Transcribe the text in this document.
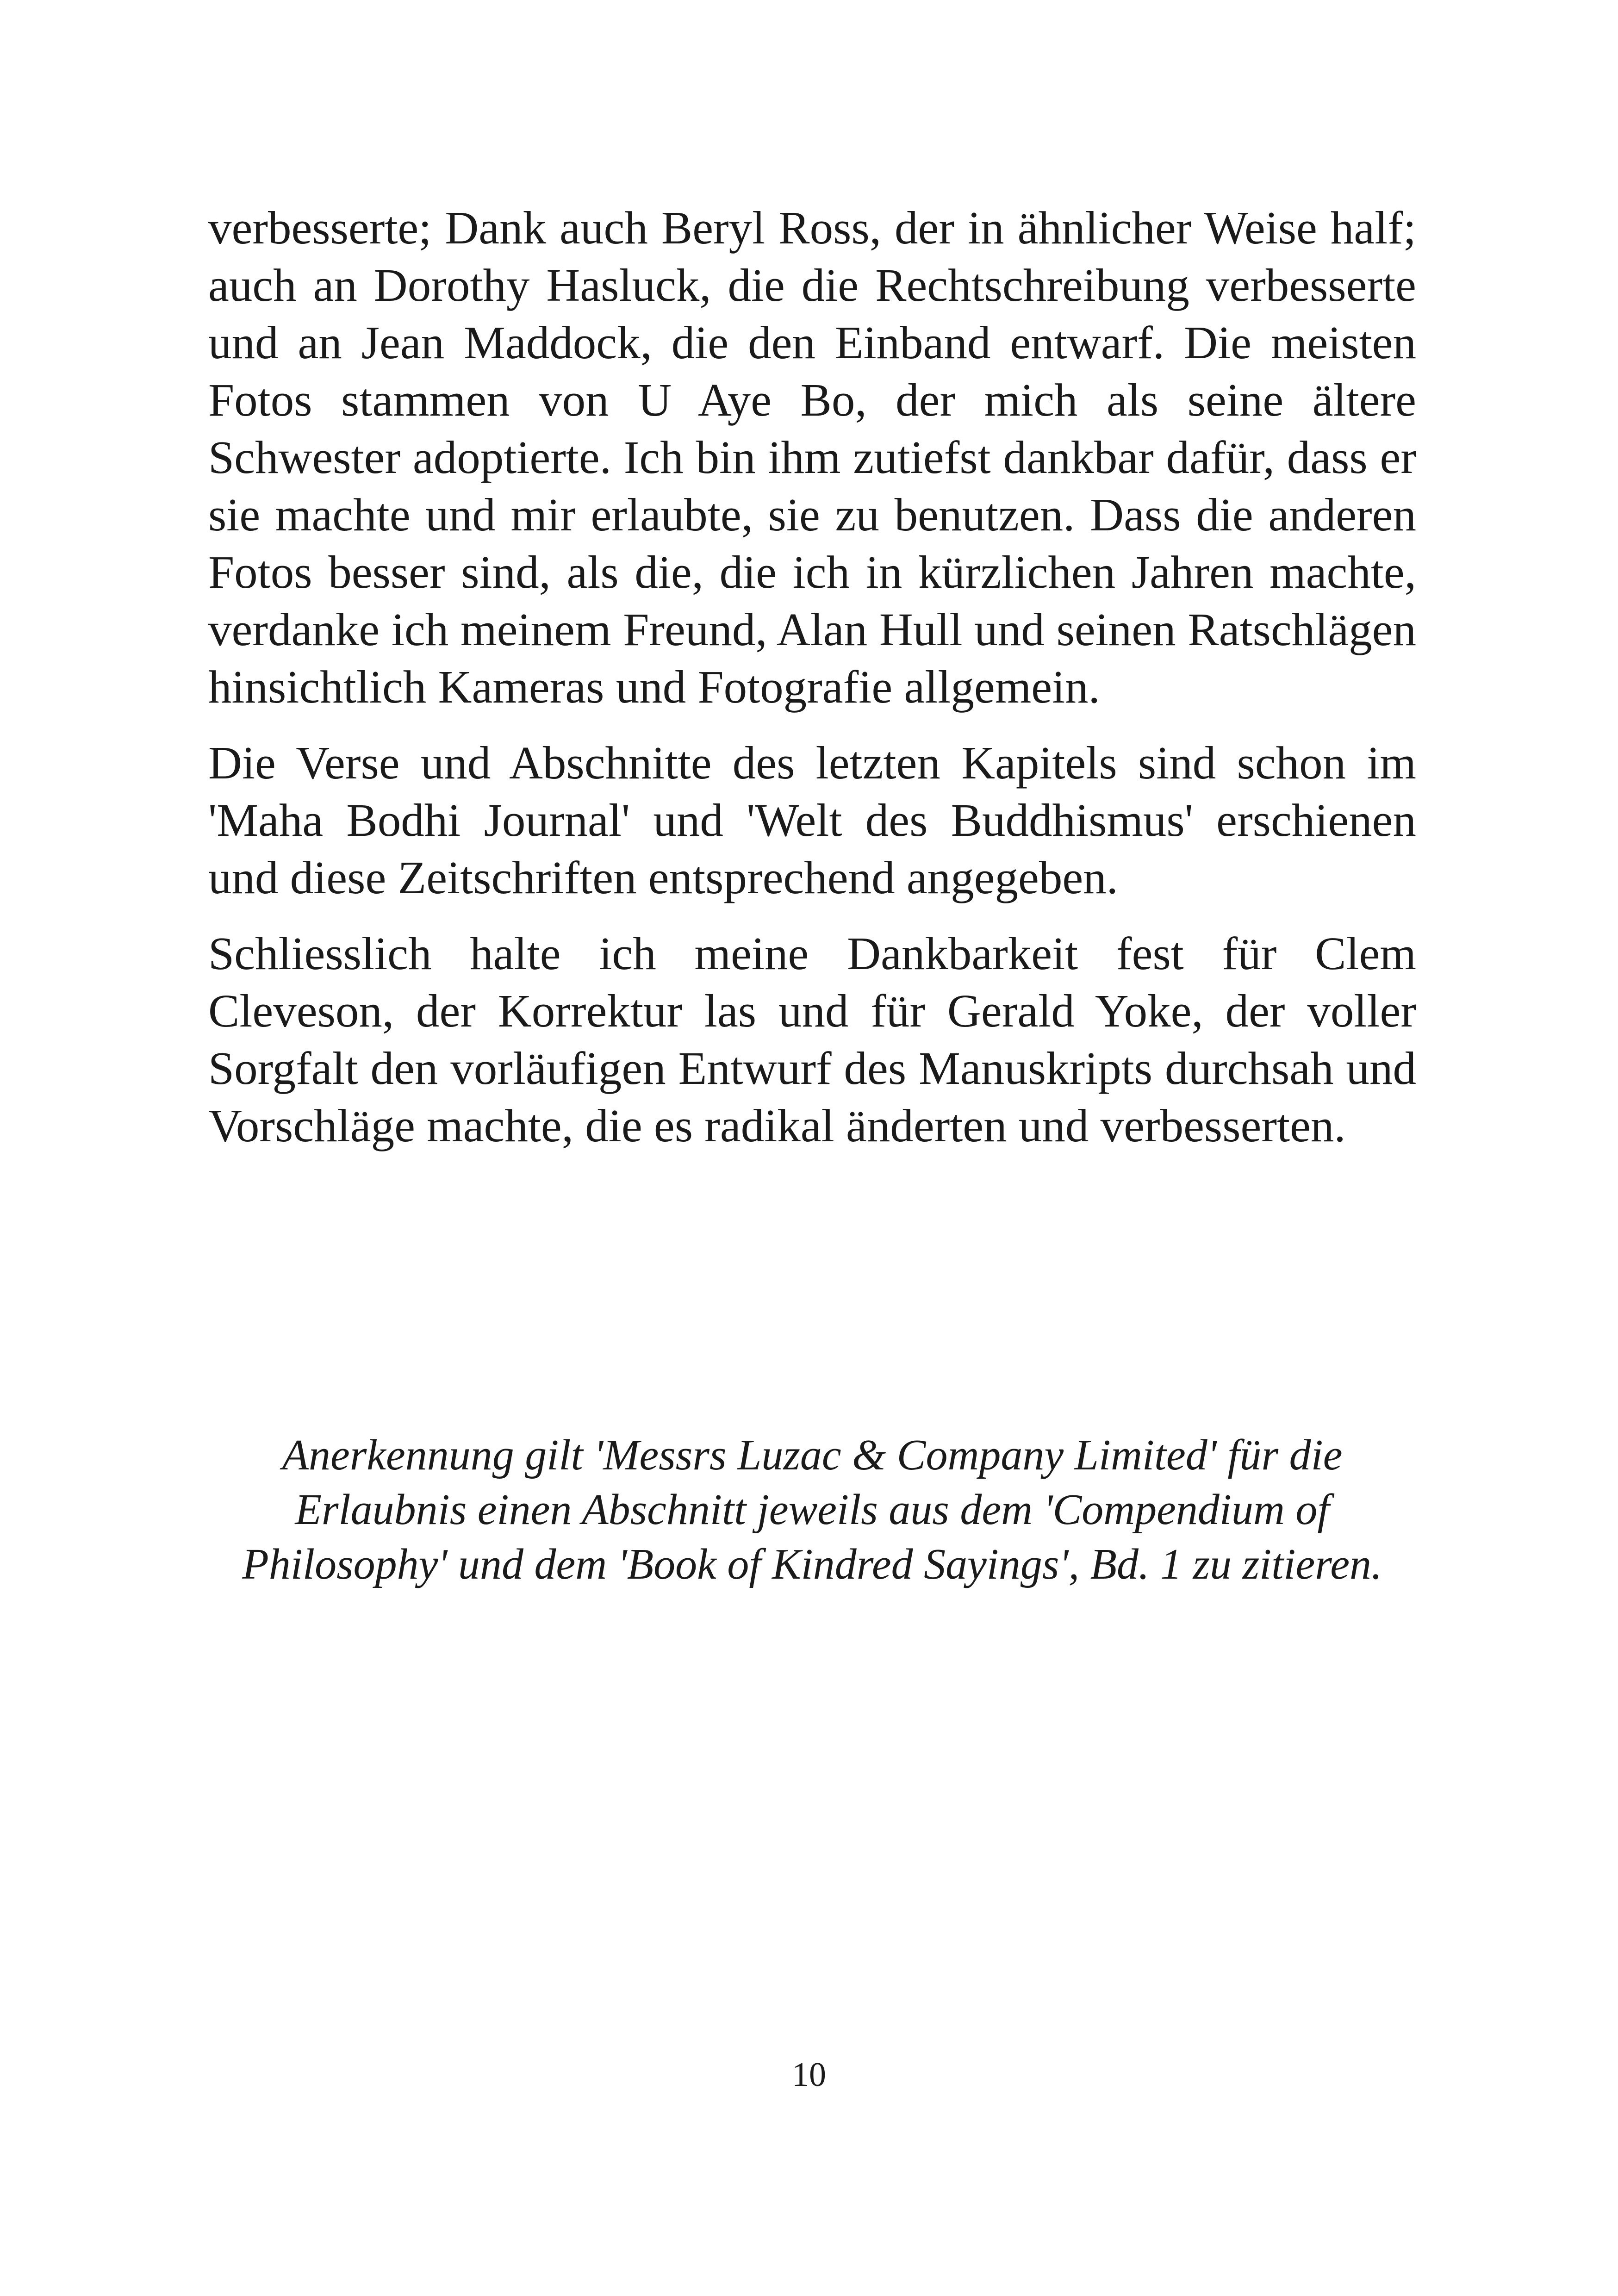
verbesserte; Dank auch Beryl Ross, der in ähnlicher Weise half; auch an Dorothy Hasluck, die die Rechtschreibung verbesserte und an Jean Maddock, die den Einband entwarf. Die meisten Fotos stammen von U Aye Bo, der mich als seine ältere Schwester adoptierte. Ich bin ihm zutiefst dankbar dafür, dass er sie machte und mir erlaubte, sie zu benutzen. Dass die anderen Fotos besser sind, als die, die ich in kürzlichen Jahren machte, verdanke ich meinem Freund, Alan Hull und seinen Ratschlägen hinsichtlich Kameras und Fotografie allgemein.

Die Verse und Abschnitte des letzten Kapitels sind schon im 'Maha Bodhi Journal' und 'Welt des Buddhismus' erschienen und diese Zeitschriften entsprechend angegeben.

Schliesslich halte ich meine Dankbarkeit fest für Clem Cleveson, der Korrektur las und für Gerald Yoke, der voller Sorgfalt den vorläufigen Entwurf des Manuskripts durchsah und Vorschläge machte, die es radikal änderten und verbesserten.

Anerkennung gilt 'Messrs Luzac & Company Limited' für die Erlaubnis einen Abschnitt jeweils aus dem 'Compendium of Philosophy' und dem 'Book of Kindred Sayings', Bd. 1 zu zitieren.

10
